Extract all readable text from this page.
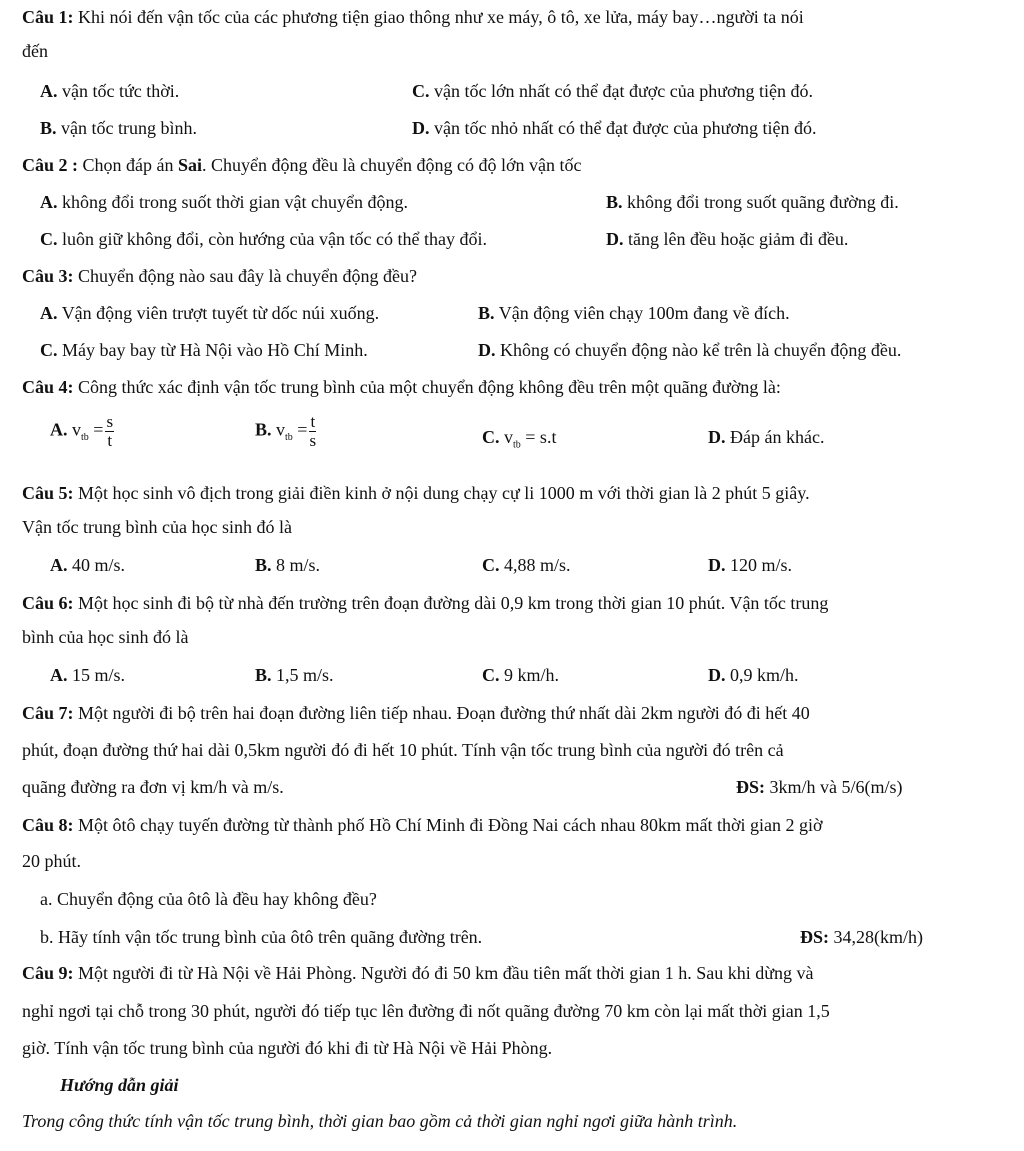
Câu 1: Khi nói đến vận tốc của các phương tiện giao thông như xe máy, ô tô, xe lửa, máy bay…người ta nói
đến
A. vận tốc tức thời.	C. vận tốc lớn nhất có thể đạt được của phương tiện đó.
B. vận tốc trung bình.	D. vận tốc nhỏ nhất có thể đạt được của phương tiện đó.
Câu 2 : Chọn đáp án Sai. Chuyển động đều là chuyển động có độ lớn vận tốc
A. không đổi trong suốt thời gian vật chuyển động.	B. không đổi trong suốt quãng đường đi.
C. luôn giữ không đổi, còn hướng của vận tốc có thể thay đổi.	D. tăng lên đều hoặc giảm đi đều.
Câu 3: Chuyển động nào sau đây là chuyển động đều?
A. Vận động viên trượt tuyết từ dốc núi xuống.	B. Vận động viên chạy 100m đang về đích.
C. Máy bay bay từ Hà Nội vào Hồ Chí Minh.	D. Không có chuyển động nào kể trên là chuyển động đều.
Câu 4: Công thức xác định vận tốc trung bình của một chuyển động không đều trên một quãng đường là:
A. $v_{tb} = \frac{s}{t}$	B. $v_{tb} = \frac{t}{s}$	C. $v_{tb} = s.t$	D. Đáp án khác.
Câu 5: Một học sinh vô địch trong giải điền kinh ở nội dung chạy cự li 1000 m với thời gian là 2 phút 5 giây.
Vận tốc trung bình của học sinh đó là
A. 40 m/s.	B. 8 m/s.	C. 4,88 m/s.	D. 120 m/s.
Câu 6: Một học sinh đi bộ từ nhà đến trường trên đoạn đường dài 0,9 km trong thời gian 10 phút. Vận tốc trung
bình của học sinh đó là
A. 15 m/s.	B. 1,5 m/s.	C. 9 km/h.	D. 0,9 km/h.
Câu 7: Một người đi bộ trên hai đoạn đường liên tiếp nhau. Đoạn đường thứ nhất dài 2km người đó đi hết 40
phút, đoạn đường thứ hai dài 0,5km người đó đi hết 10 phút. Tính vận tốc trung bình của người đó trên cả
quãng đường ra đơn vị km/h và m/s.	ĐS: 3km/h và 5/6(m/s)
Câu 8: Một ôtô chạy tuyến đường từ thành phố Hồ Chí Minh đi Đồng Nai cách nhau 80km mất thời gian 2 giờ
20 phút.
a. Chuyển động của ôtô là đều hay không đều?
b. Hãy tính vận tốc trung bình của ôtô trên quãng đường trên.	ĐS: 34,28(km/h)
Câu 9: Một người đi từ Hà Nội về Hải Phòng. Người đó đi 50 km đầu tiên mất thời gian 1 h. Sau khi dừng và
nghỉ ngơi tại chỗ trong 30 phút, người đó tiếp tục lên đường đi nốt quãng đường 70 km còn lại mất thời gian 1,5
giờ. Tính vận tốc trung bình của người đó khi đi từ Hà Nội về Hải Phòng.
Hướng dẫn giải
Trong công thức tính vận tốc trung bình, thời gian bao gồm cả thời gian nghỉ ngơi giữa hành trình.
